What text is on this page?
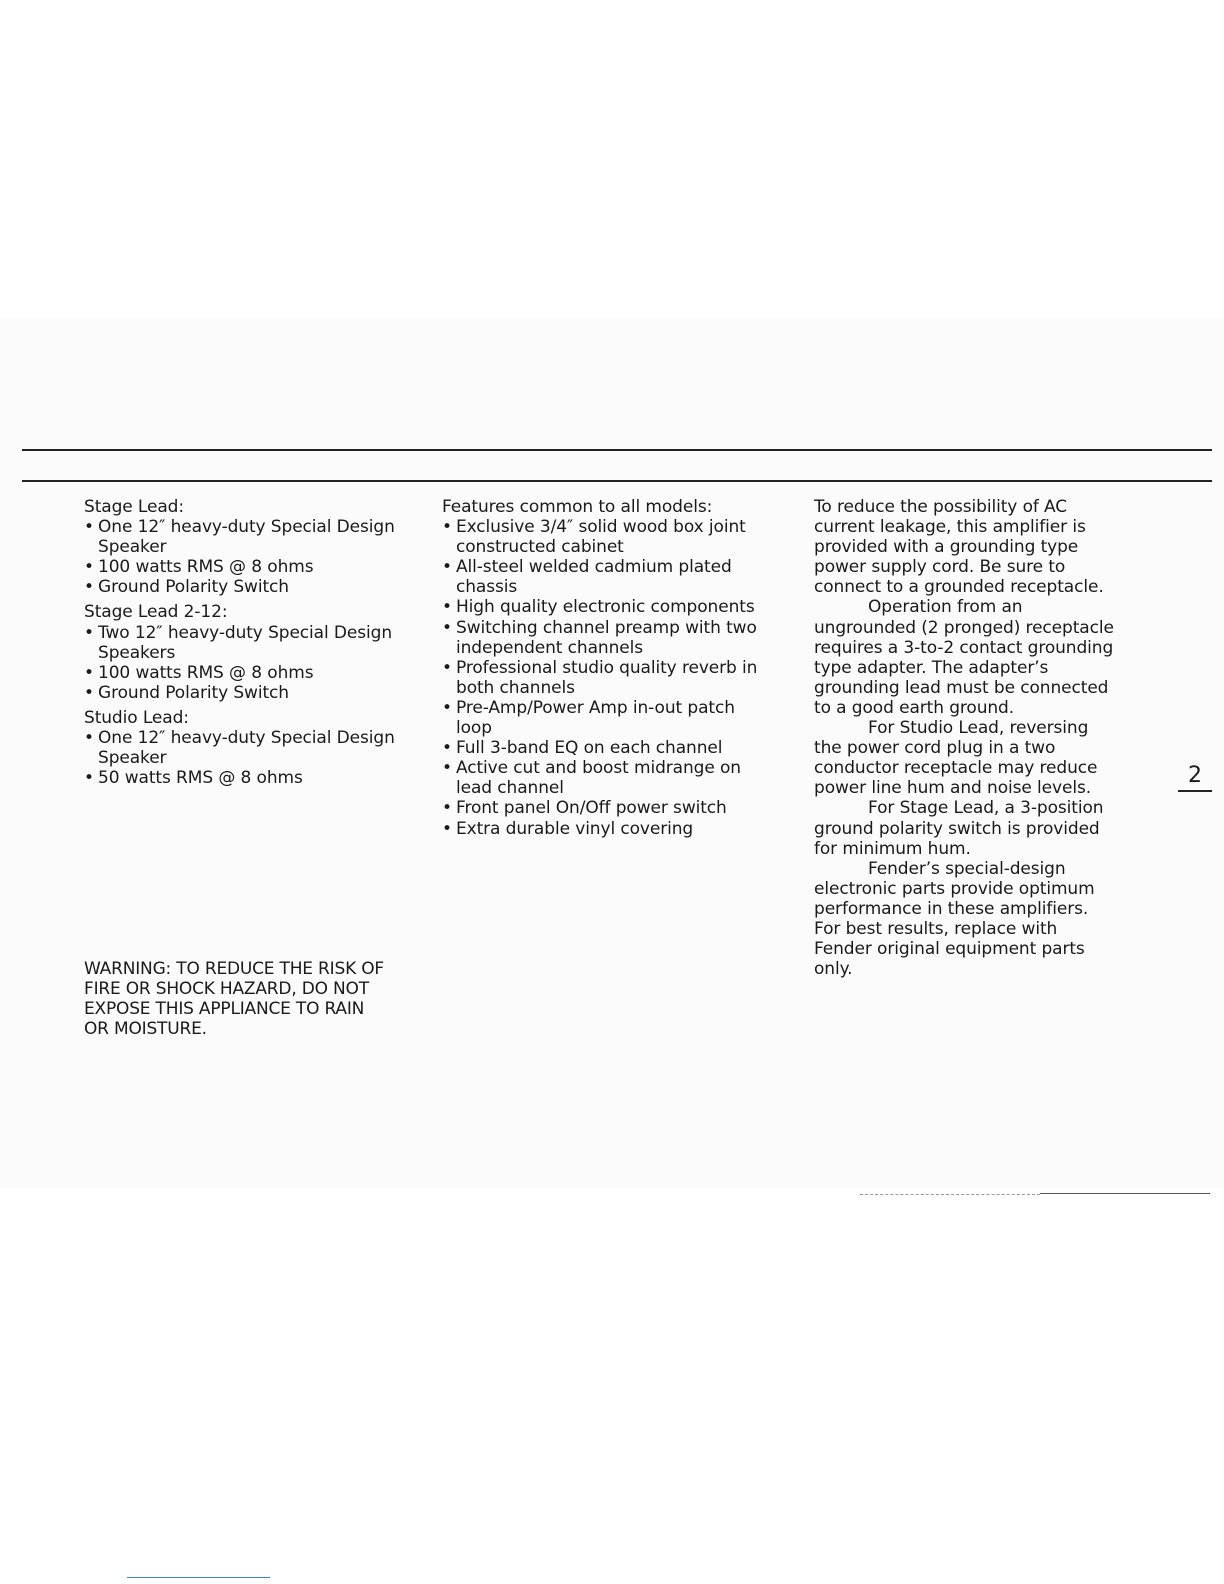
Stage Lead:

• One 12″ heavy-duty Special Design Speaker
• 100 watts RMS @ 8 ohms
• Ground Polarity Switch

Stage Lead 2-12:

• Two 12″ heavy-duty Special Design Speakers
• 100 watts RMS @ 8 ohms
• Ground Polarity Switch

Studio Lead:

• One 12″ heavy-duty Special Design Speaker
• 50 watts RMS @ 8 ohms

WARNING: TO REDUCE THE RISK OF FIRE OR SHOCK HAZARD, DO NOT EXPOSE THIS APPLIANCE TO RAIN OR MOISTURE.

Features common to all models:

• Exclusive 3/4″ solid wood box joint constructed cabinet
• All-steel welded cadmium plated chassis
• High quality electronic components
• Switching channel preamp with two independent channels
• Professional studio quality reverb in both channels
• Pre-Amp/Power Amp in-out patch loop
• Full 3-band EQ on each channel
• Active cut and boost midrange on lead channel
• Front panel On/Off power switch
• Extra durable vinyl covering

To reduce the possibility of AC current leakage, this amplifier is provided with a grounding type power supply cord. Be sure to connect to a grounded receptacle.

Operation from an ungrounded (2 pronged) receptacle requires a 3-to-2 contact grounding type adapter. The adapter’s grounding lead must be connected to a good earth ground.

For Studio Lead, reversing the power cord plug in a two conductor receptacle may reduce power line hum and noise levels.

For Stage Lead, a 3-position ground polarity switch is provided for minimum hum.

Fender’s special-design electronic parts provide optimum performance in these amplifiers. For best results, replace with Fender original equipment parts only.

2
